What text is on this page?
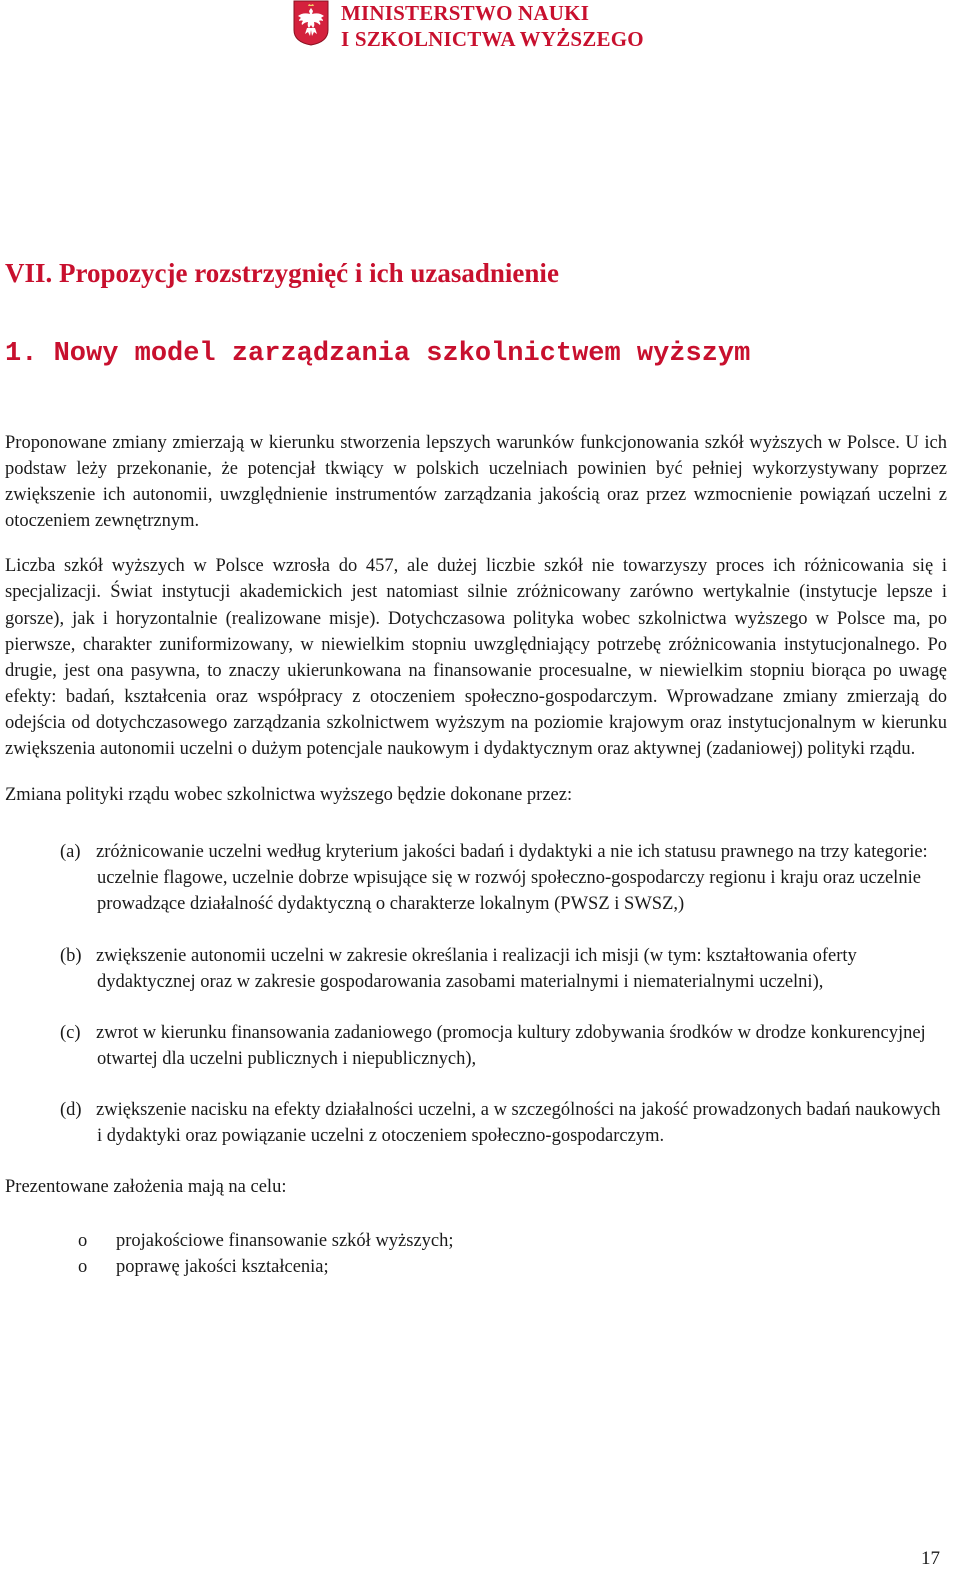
MINISTERSTWO NAUKI
I SZKOLNICTWA WYŻSZEGO
VII. Propozycje rozstrzygnięć i ich uzasadnienie
1. Nowy model zarządzania szkolnictwem wyższym

Proponowane zmiany zmierzają w kierunku stworzenia lepszych warunków funkcjonowania szkół wyższych w Polsce. U ich podstaw leży przekonanie, że potencjał tkwiący w polskich uczelniach powinien być pełniej wykorzystywany poprzez zwiększenie ich autonomii, uwzględnienie instrumentów zarządzania jakością oraz przez wzmocnienie powiązań uczelni z otoczeniem zewnętrznym.

Liczba szkół wyższych w Polsce wzrosła do 457, ale dużej liczbie szkół nie towarzyszy proces ich różnicowania się i specjalizacji. Świat instytucji akademickich jest natomiast silnie zróżnicowany zarówno wertykalnie (instytucje lepsze i gorsze), jak i horyzontalnie (realizowane misje). Dotychczasowa polityka wobec szkolnictwa wyższego w Polsce ma, po pierwsze, charakter zuniformizowany, w niewielkim stopniu uwzględniający potrzebę zróżnicowania instytucjonalnego. Po drugie, jest ona pasywna, to znaczy ukierunkowana na finansowanie procesualne, w niewielkim stopniu biorąca po uwagę efekty: badań, kształcenia oraz współpracy z otoczeniem społeczno-gospodarczym. Wprowadzane zmiany zmierzają do odejścia od dotychczasowego zarządzania szkolnictwem wyższym na poziomie krajowym oraz instytucjonalnym w kierunku zwiększenia autonomii uczelni o dużym potencjale naukowym i dydaktycznym oraz aktywnej (zadaniowej) polityki rządu.

Zmiana polityki rządu wobec szkolnictwa wyższego będzie dokonane przez:

(a) zróżnicowanie uczelni według kryterium jakości badań i dydaktyki a nie ich statusu prawnego na trzy kategorie: uczelnie flagowe, uczelnie dobrze wpisujące się w rozwój społeczno-gospodarczy regionu i kraju oraz uczelnie prowadzące działalność dydaktyczną o charakterze lokalnym (PWSZ i SWSZ,)
(b) zwiększenie autonomii uczelni w zakresie określania i realizacji ich misji (w tym: kształtowania oferty dydaktycznej oraz w zakresie gospodarowania zasobami materialnymi i niematerialnymi uczelni),
(c) zwrot w kierunku finansowania zadaniowego (promocja kultury zdobywania środków w drodze konkurencyjnej otwartej dla uczelni publicznych i niepublicznych),
(d) zwiększenie nacisku na efekty działalności uczelni, a w szczególności na jakość prowadzonych badań naukowych i dydaktyki oraz powiązanie uczelni z otoczeniem społeczno-gospodarczym.

Prezentowane założenia mają na celu:

o projakościowe finansowanie szkół wyższych;
o poprawę jakości kształcenia;
17
